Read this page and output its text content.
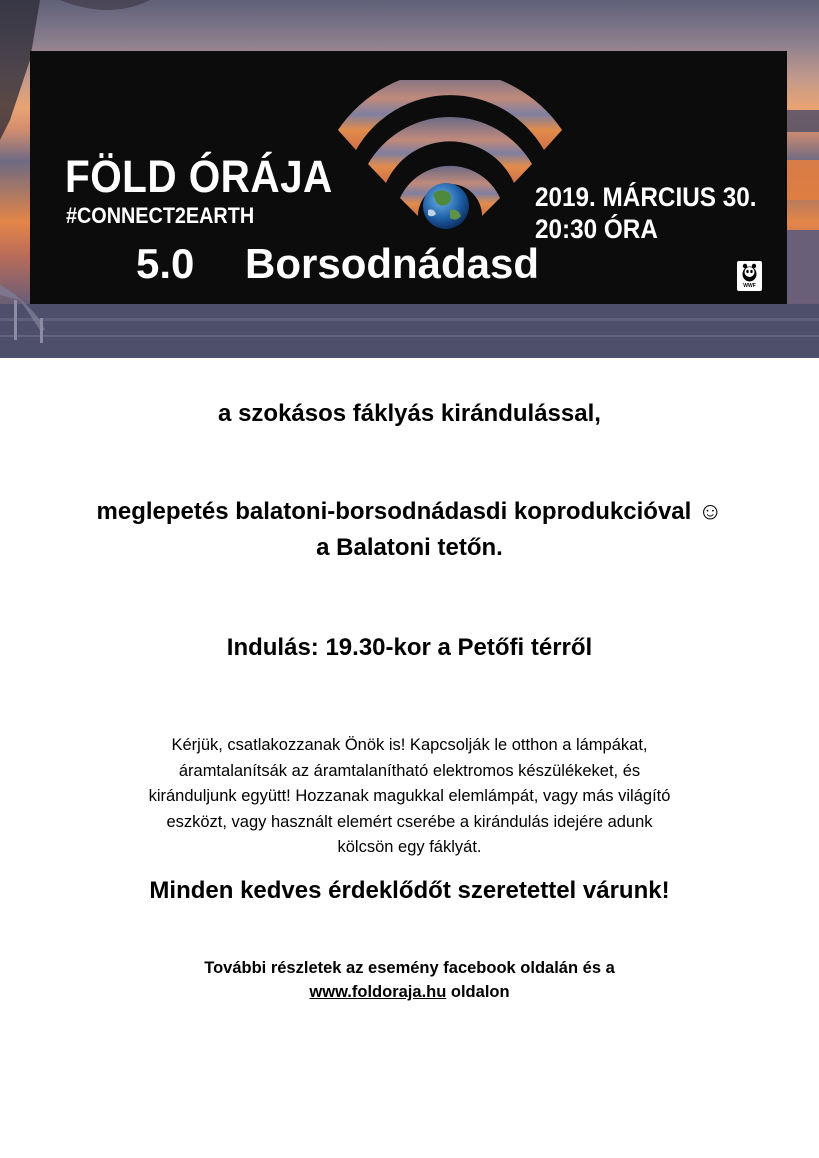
FÖLD ÓRÁJA
#CONNECT2EARTH
5.0 Borsodnádasd
2019. MÁRCIUS 30.
20:30 ÓRA
WWF

a szokásos fáklyás kirándulással,

meglepetés balatoni-borsodnádasdi koprodukcióval ☺

a Balatoni tetőn.

Indulás: 19.30-kor a Petőfi térről

Kérjük, csatlakozzanak Önök is! Kapcsolják le otthon a lámpákat,
áramtalanítsák az áramtalanítható elektromos készülékeket, és
kiránduljunk együtt! Hozzanak magukkal elemlámpát, vagy más világító
eszközt, vagy használt elemért cserébe a kirándulás idejére adunk
kölcsön egy fáklyát.

Minden kedves érdeklődőt szeretettel várunk!

További részletek az esemény facebook oldalán és a

www.foldoraja.hu oldalon
